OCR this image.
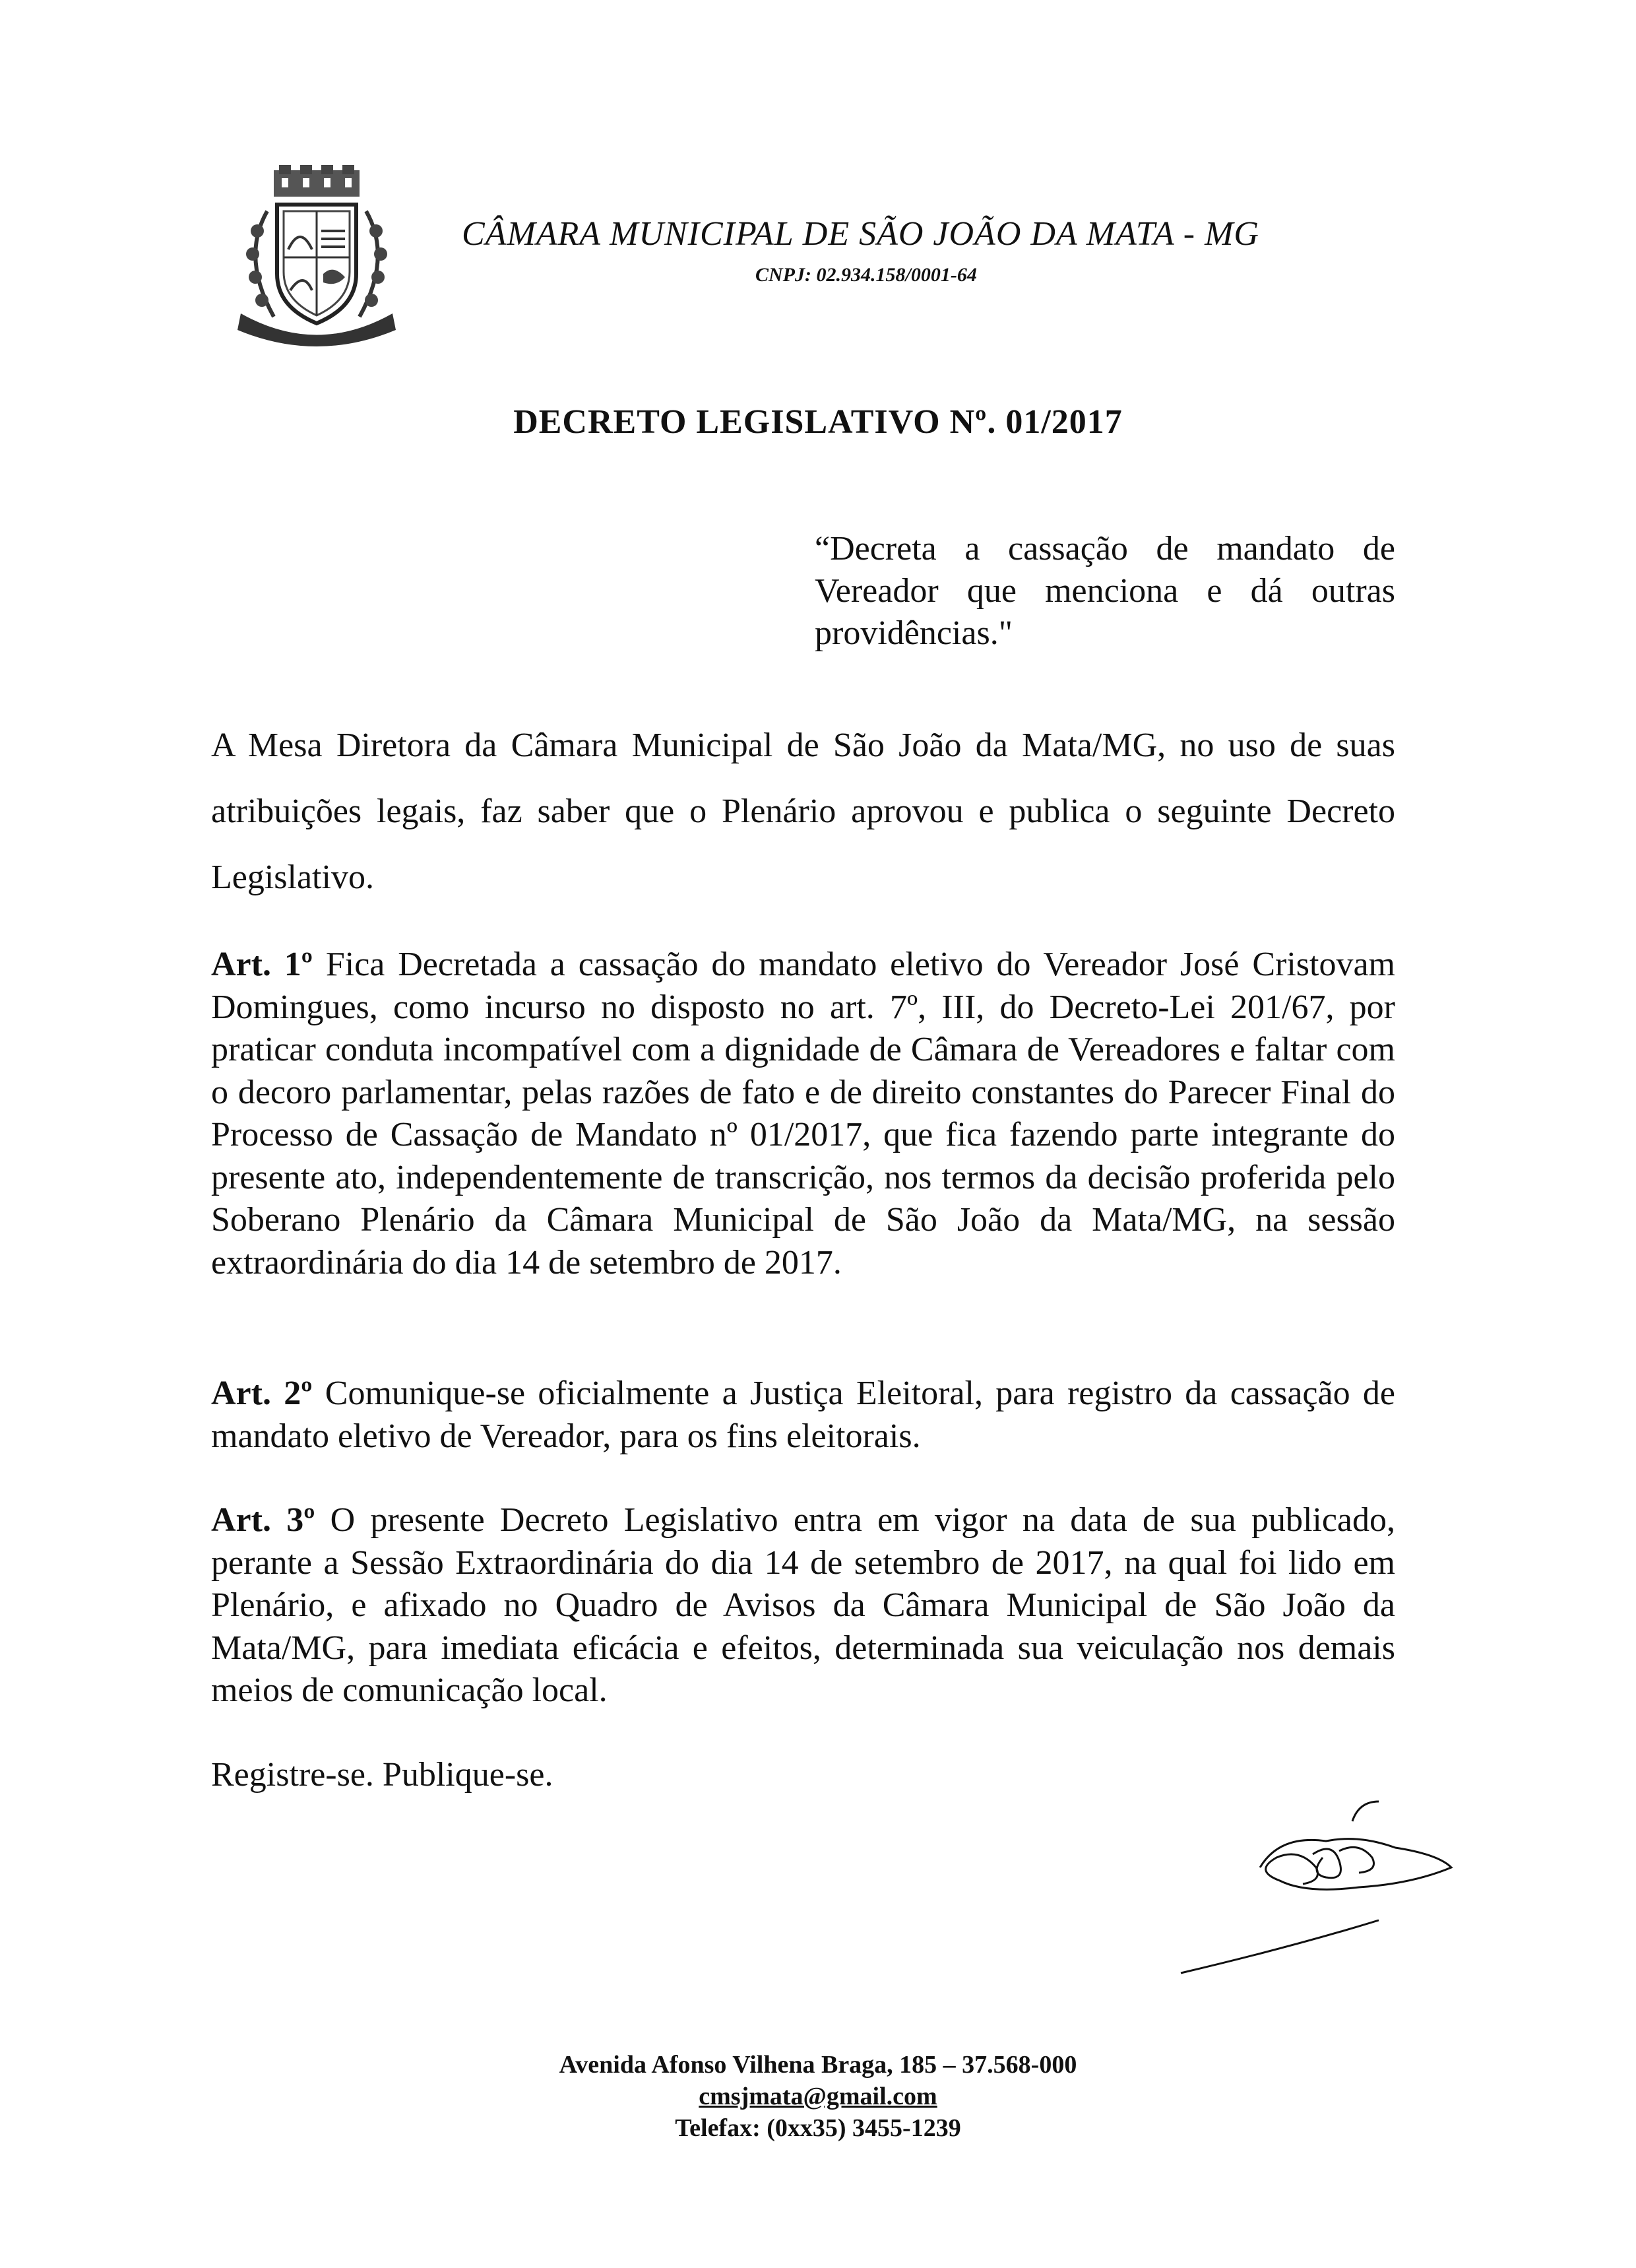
CÂMARA MUNICIPAL DE SÃO JOÃO DA MATA - MG
CNPJ: 02.934.158/0001-64
DECRETO LEGISLATIVO Nº. 01/2017
“Decreta a cassação de mandato de Vereador que menciona e dá outras providências."
A Mesa Diretora da Câmara Municipal de São João da Mata/MG, no uso de suas atribuições legais, faz saber que o Plenário aprovou e publica o seguinte Decreto Legislativo.
Art. 1º Fica Decretada a cassação do mandato eletivo do Vereador José Cristovam Domingues, como incurso no disposto no art. 7º, III, do Decreto-Lei 201/67, por praticar conduta incompatível com a dignidade de Câmara de Vereadores e faltar com o decoro parlamentar, pelas razões de fato e de direito constantes do Parecer Final do Processo de Cassação de Mandato nº 01/2017, que fica fazendo parte integrante do presente ato, independentemente de transcrição, nos termos da decisão proferida pelo Soberano Plenário da Câmara Municipal de São João da Mata/MG, na sessão extraordinária do dia 14 de setembro de 2017.
Art. 2º Comunique-se oficialmente a Justiça Eleitoral, para registro da cassação de mandato eletivo de Vereador, para os fins eleitorais.
Art. 3º O presente Decreto Legislativo entra em vigor na data de sua publicado, perante a Sessão Extraordinária do dia 14 de setembro de 2017, na qual foi lido em Plenário, e afixado no Quadro de Avisos da Câmara Municipal de São João da Mata/MG, para imediata eficácia e efeitos, determinada sua veiculação nos demais meios de comunicação local.
Registre-se. Publique-se.
Avenida Afonso Vilhena Braga, 185 – 37.568-000
cmsjmata@gmail.com
Telefax: (0xx35) 3455-1239
